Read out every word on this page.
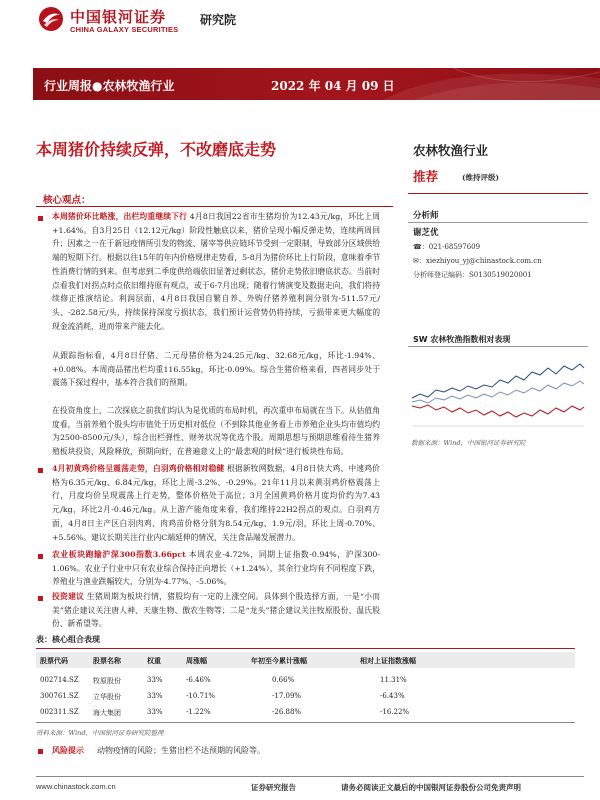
中国银河证券
CHINA GALAXY SECURITIES
研究院
行业周报●农林牧渔行业	2022 年 04 月 09 日
本周猪价持续反弹，不改磨底走势
核心观点：
本周猪价环比略涨，出栏均重继续下行 4月8日我国22省市生猪均价为12.43元/kg，环比上周+1.64%。自3月25日（12.12元/kg）阶段性触底以来，猪价呈现小幅反弹走势，连续两周回升；因素之一在于新冠疫情所引发的物流、屠宰等供应链环节受到一定限制，导致部分区域供给端的短期下行。根据以往15年的年内价格规律走势看，5-8月为猪价环比上行阶段，意味着季节性消费行情的到来。但考虑到二季度供给端依旧显著过剩状态，猪价走势依旧磨底状态。当前时点看我们对拐点时点依旧维持原有观点，或于6-7月出现；随着行情演变及数据走向，我们将持续修正推演结论。利润层面，4月8日我国自繁自养、外购仔猪养殖利润分别为-511.57元/头、-282.58元/头，持续保持深度亏损状态，我们预计运营势仍将持续，亏损带来更大幅度的现金流消耗，进而带来产能去化。
从跟踪指标看，4月8日仔猪、二元母猪价格为24.25元/kg、32.68元/kg，环比-1.94%、+0.08%。本周商品猪出栏均重116.55kg，环比-0.09%。综合生猪价格来看，四者同步处于震荡下探过程中，基本符合我们的预期。
在投资角度上，二次探底之前我们均认为是优质的布局时机，再次重申布局就在当下。从估值角度看，当前养殖个股头均市值处于历史相对低位（不到除其他业务看上市养殖企业头均市值均约为2500-8500元/头），综合出栏弹性、财务状况等优选个股。周期思想与预期思维看待生猪养殖板块投资，风险释放，预期向好，在普遍意义上的“最悲观的时候”进行板块性布局。
4月初黄鸡价格呈震荡走势，白羽鸡价格相对稳健 根据新牧网数据，4月8日快大鸡、中速鸡价格为6.35元/kg、6.84元/kg，环比上周-3.2%、-0.29%。21年11月以来黄羽鸡价格震荡上行，月度均价呈现震荡上行走势，整体价格处于高位；3月全国黄鸡价格月度均价约为7.43元/kg，环比2月-0.46元/kg。从上游产能角度来看，我们维持22H2拐点的观点。白羽鸡方面，4月8日主产区白羽肉鸡、肉鸡苗价格分别为8.54元/kg、1.9元/羽，环比上周-0.70%、+5.56%。建议长期关注行业内C端延伸的情况，关注食品端发展潜力。
农业板块跑输沪深300指数3.66pct 本周农业-4.72%，同期上证指数-0.94%，沪深300-1.06%。农业子行业中只有农业综合保持正向增长（+1.24%），其余行业均有不同程度下跌，养殖业与渔业跌幅较大，分别为-4.77%、-5.06%。
投资建议 生猪周期为板块行情，猪股均有一定的上涨空间。具体到个股选择方面，一是“小而美”猪企建议关注唐人神、天康生物、傲农生物等；二是“龙头”猪企建议关注牧原股份、温氏股份、新希望等。
农林牧渔行业
推荐	(维持评级)
分析师
谢芝优
☎：021-68597609
✉：xiezhiyou_yj@chinastock.com.cn
分析师登记编码：S0130519020001
SW 农林牧渔指数相对表现
数据来源：Wind，中国银河证券研究院
表：核心组合表现
股票代码	股票名称	权重	周涨幅	年初至今累计涨幅	相对上证指数涨幅
002714.SZ 牧原股份	33%	-6.46%	0.66%	11.31%
300761.SZ 立华股份	33%	-10.71%	-17.09%	-6.43%
002311.SZ 海大集团	33%	-1.22%	-26.88%	-16.22%
资料来源：Wind，中国银河证券研究院整理
风险提示 动物疫情的风险；生猪出栏不达预期的风险等。
www.chinastock.com.cn	证券研究报告	请务必阅读正文最后的中国银河证券股份公司免责声明
